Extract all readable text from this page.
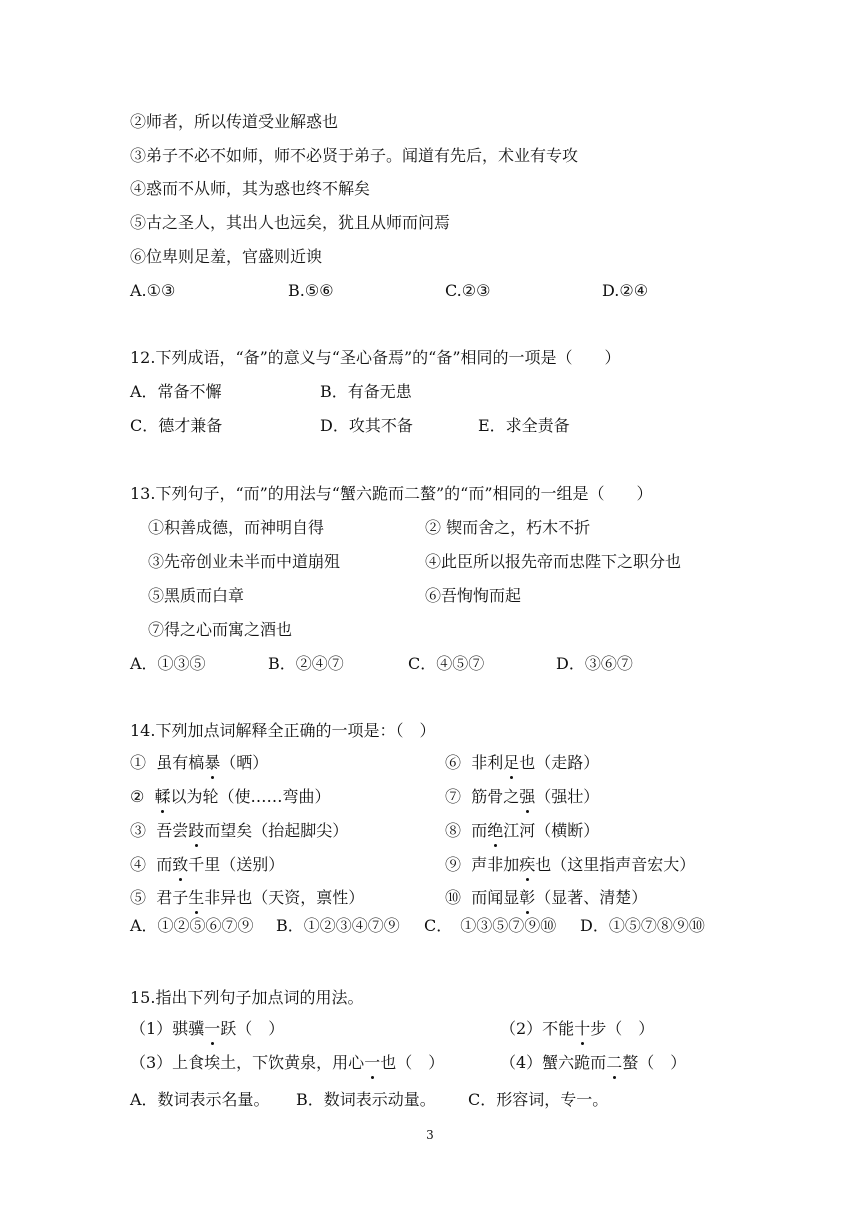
②师者，所以传道受业解惑也
③弟子不必不如师，师不必贤于弟子。闻道有先后，术业有专攻
④惑而不从师，其为惑也终不解矣
⑤古之圣人，其出人也远矣，犹且从师而问焉
⑥位卑则足羞，官盛则近谀
A.①③	B.⑤⑥	C.②③	D.②④
12.下列成语，“备”的意义与“圣心备焉”的“备”相同的一项是（　　）
A．常备不懈	B．有备无患
C．德才兼备	D．攻其不备	E．求全责备
13.下列句子，“而”的用法与“蟹六跪而二螯”的“而”相同的一组是（　　）
①积善成德，而神明自得	② 锲而舍之，朽木不折
③先帝创业未半而中道崩殂	④此臣所以报先帝而忠陛下之职分也
⑤黑质而白章	⑥吾恂恂而起
⑦得之心而寓之酒也
A．①③⑤	B．②④⑦	C．④⑤⑦	D．③⑥⑦
14.下列加点词解释全正确的一项是：（　）
① 虽有槁暴（晒）	⑥ 非利足也（走路）
② 輮以为轮（使……弯曲）	⑦ 筋骨之强（强壮）
③ 吾尝跂而望矣（抬起脚尖）	⑧ 而绝江河（横断）
④ 而致千里（送别）	⑨ 声非加疾也（这里指声音宏大）
⑤ 君子生非异也（天资，禀性）	⑩ 而闻显彰（显著、清楚）
A．①②⑤⑥⑦⑨ B．①②③④⑦⑨ C．　①③⑤⑦⑨⑩ D．①⑤⑦⑧⑨⑩
15.指出下列句子加点词的用法。
（1）骐骥一跃（　）	（2）不能十步（　）
（3）上食埃土，下饮黄泉，用心一也（　）	（4）蟹六跪而二螯（　）
A．数词表示名量。 B．数词表示动量。 C．形容词，专一。
3
